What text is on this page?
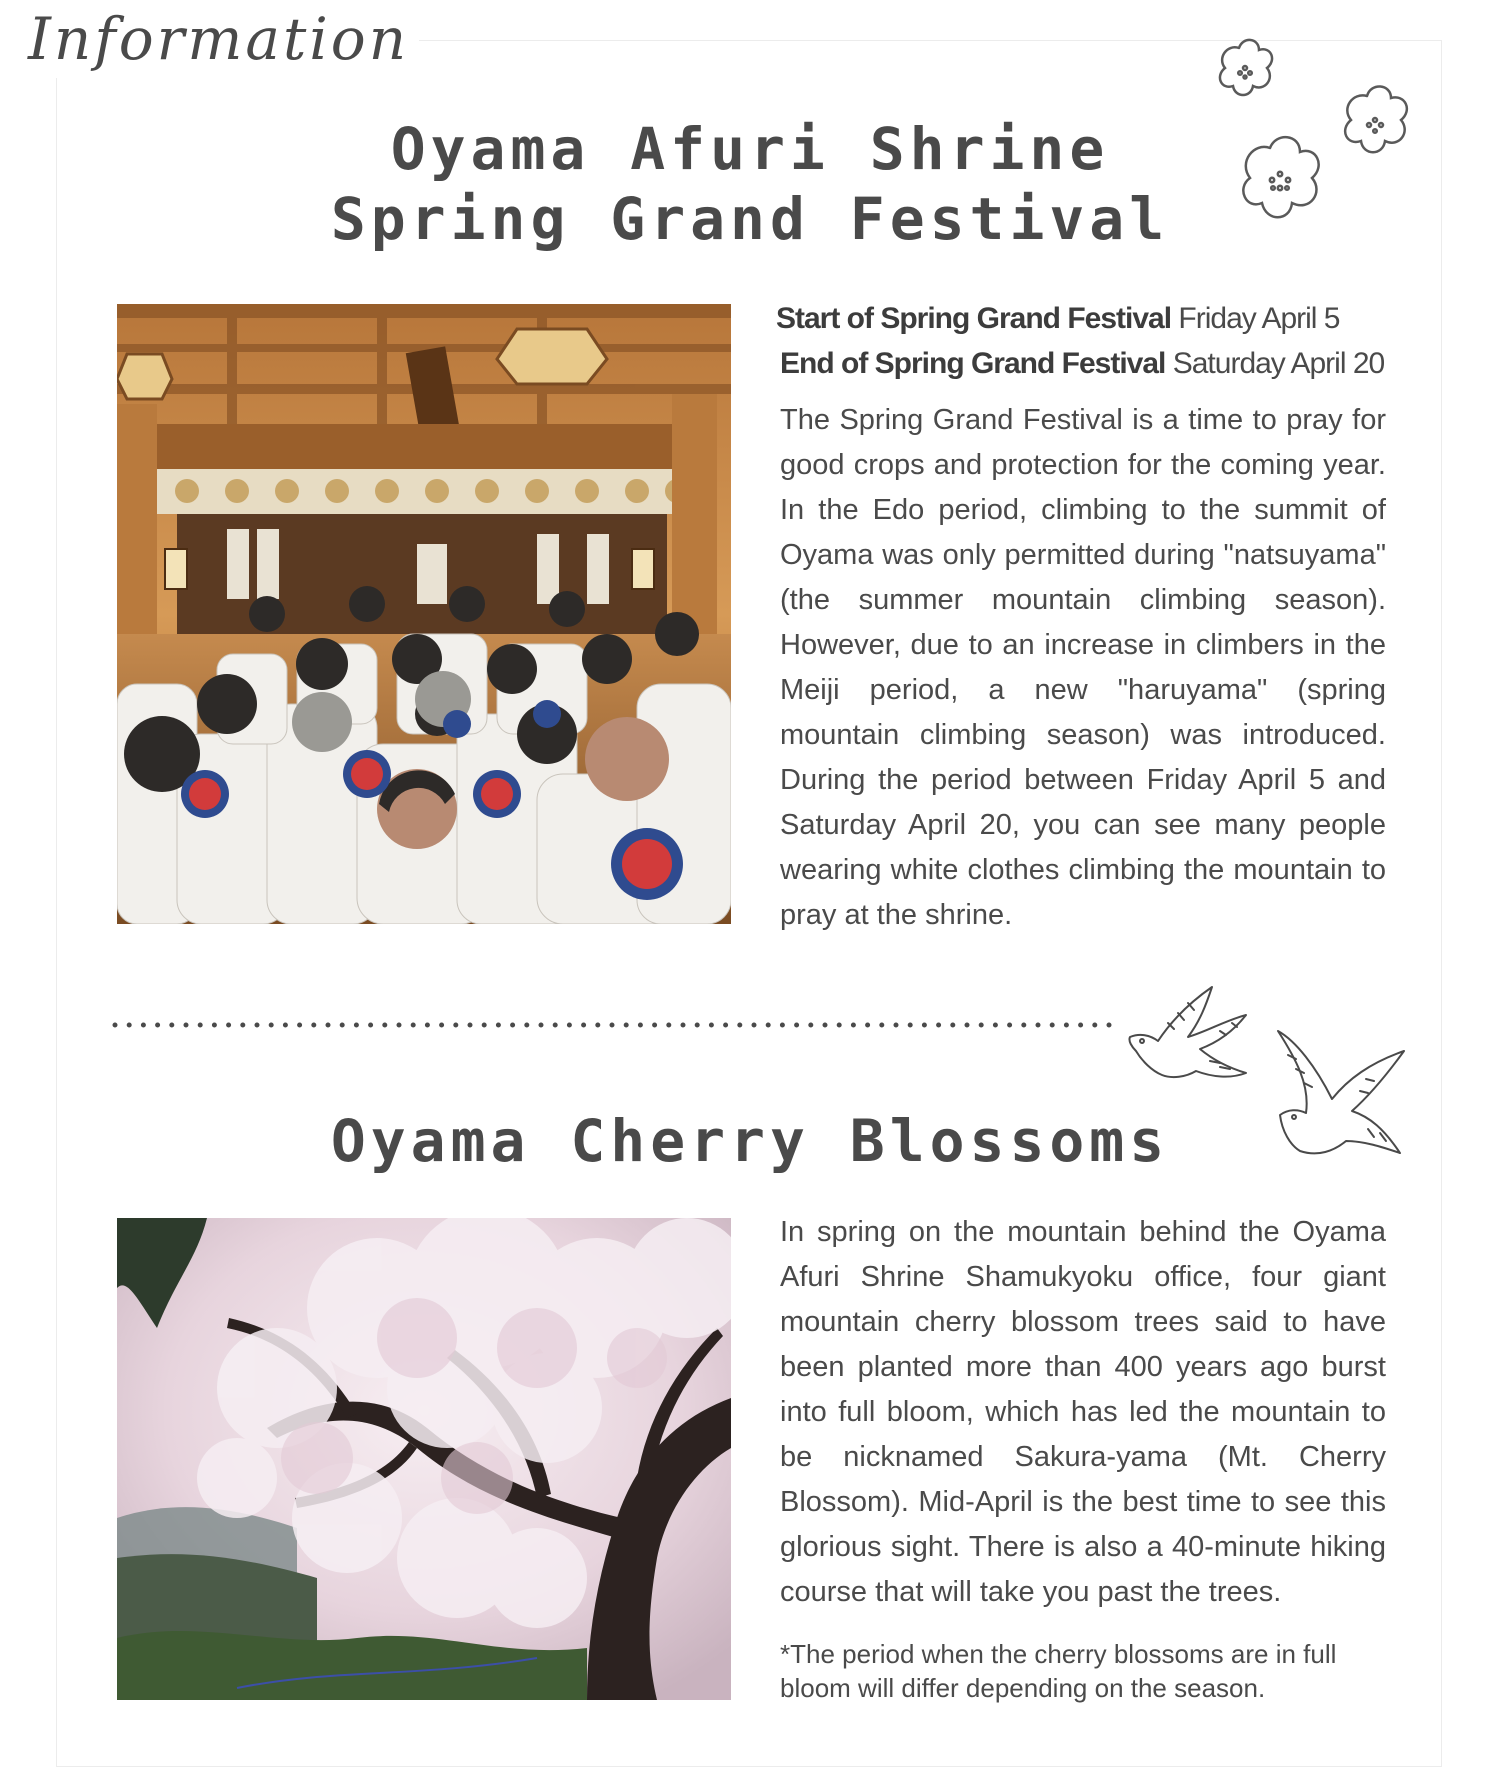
Information
Oyama Afuri Shrine
Spring Grand Festival
Start of Spring Grand Festival Friday April 5
End of Spring Grand Festival Saturday April 20

The Spring Grand Festival is a time to pray for good crops and protection for the coming year. In the Edo period, climbing to the summit of Oyama was only permitted during "natsuyama" (the summer mountain climbing season). However, due to an increase in climbers in the Meiji period, a new "haruyama" (spring mountain climbing season) was introduced. During the period between Friday April 5 and Saturday April 20, you can see many people wearing white clothes climbing the mountain to pray at the shrine.

Oyama Cherry Blossoms

In spring on the mountain behind the Oyama Afuri Shrine Shamukyoku office, four giant mountain cherry blossom trees said to have been planted more than 400 years ago burst into full bloom, which has led the mountain to be nicknamed Sakura-yama (Mt. Cherry Blossom). Mid-April is the best time to see this glorious sight. There is also a 40-minute hiking course that will take you past the trees.

*The period when the cherry blossoms are in full bloom will differ depending on the season.
